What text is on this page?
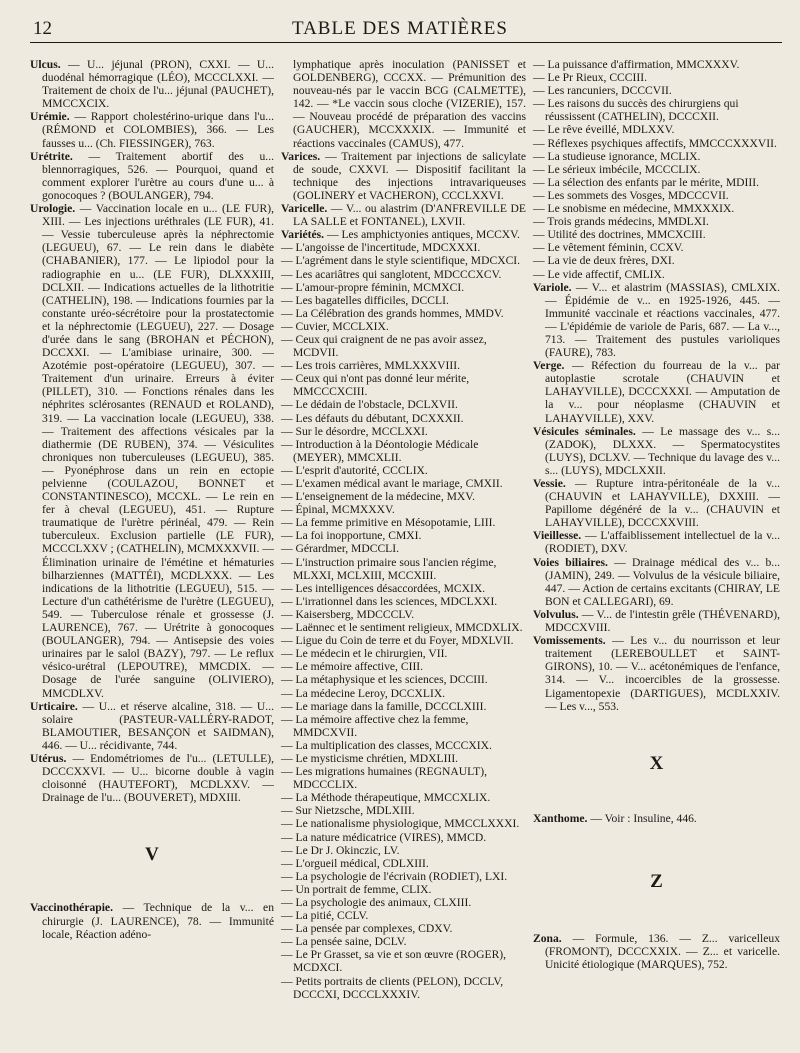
12	TABLE DES MATIÈRES

Ulcus. — U... jéjunal (PRON), CXXI. — U... duodénal hémorragique (LÉO), MCCCLXXI. — Traitement de choix de l'u... jéjunal (PAUCHET), MMCCXCIX.

Urémie. — Rapport cholestérino-urique dans l'u... (RÉMOND et COLOMBIES), 366. — Les fausses u... (Ch. FIESSINGER), 763.

Urétrite. — Traitement abortif des u... blennorragiques, 526. — Pourquoi, quand et comment explorer l'urètre au cours d'une u... à gonocoques ? (BOULANGER), 794.

Urologie. — Vaccination locale en u... (LE FUR), XIII. — Les injections uréthrales (LE FUR), 41. — Vessie tuberculeuse après la néphrectomie (LEGUEU), 67. — Le rein dans le diabète (CHABANIER), 177. — Le lipiodol pour la radiographie en u... (LE FUR), DLXXXIII, DCLXII. — Indications actuelles de la lithotritie (CATHELIN), 198. — Indications fournies par la constante uréo-sécrétoire pour la prostatectomie et la néphrectomie (LEGUEU), 227. — Dosage d'urée dans le sang (BROHAN et PÉCHON), DCCXXI. — L'amibiase urinaire, 300. — Azotémie post-opératoire (LEGUEU), 307. — Traitement d'un urinaire. Erreurs à éviter (PILLET), 310. — Fonctions rénales dans les néphrites sclérosantes (RENAUD et ROLAND), 319. — La vaccination locale (LEGUEU), 338. — Traitement des affections vésicales par la diathermie (DE RUBEN), 374. — Vésiculites chroniques non tuberculeuses (LEGUEU), 385. — Pyonéphrose dans un rein en ectopie pelvienne (COULAZOU, BONNET et CONSTANTINESCO), MCCXL. — Le rein en fer à cheval (LEGUEU), 451. — Rupture traumatique de l'urètre périnéal, 479. — Rein tuberculeux. Exclusion partielle (LE FUR), MCCCLXXV ; (CATHELIN), MCMXXXVII. — Élimination urinaire de l'émétine et hématuries bilharziennes (MATTÉI), MCDLXXX. — Les indications de la lithotritie (LEGUEU), 515. — Lecture d'un cathétérisme de l'urètre (LEGUEU), 549. — Tuberculose rénale et grossesse (J. LAURENCE), 767. — Urétrite à gonocoques (BOULANGER), 794. — Antisepsie des voies urinaires par le salol (BAZY), 797. — Le reflux vésico-urétral (LEPOUTRE), MMCDIX. — Dosage de l'urée sanguine (OLIVIERO), MMCDLXV.

Urticaire. — U... et réserve alcaline, 318. — U... solaire (PASTEUR-VALLÉRY-RADOT, BLAMOUTIER, BESANÇON et SAIDMAN), 446. — U... récidivante, 744.

Utérus. — Endométriomes de l'u... (LETULLE), DCCCXXVI. — U... bicorne double à vagin cloisonné (HAUTEFORT), MCDLXXV. — Drainage de l'u... (BOUVERET), MDXIII.

V

Vaccinothérapie. — Technique de la v... en chirurgie (J. LAURENCE), 78. — Immunité locale, Réaction adéno-

lymphatique après inoculation (PANISSET et GOLDENBERG), CCCXX. — Prémunition des nouveau-nés par le vaccin BCG (CALMETTE), 142. — *Le vaccin sous cloche (VIZERIE), 157. — Nouveau procédé de préparation des vaccins (GAUCHER), MCCXXXIX. — Immunité et réactions vaccinales (CAMUS), 477.

Varices. — Traitement par injections de salicylate de soude, CXXVI. — Dispositif facilitant la technique des injections intravariqueuses (GOLINERY et VACHERON), CCCLXXVI.

Varicelle. — V... ou alastrim (D'ANFREVILLE DE LA SALLE et FONTANEL), LXVII.

Variétés. — Les amphictyonies antiques, MCCXV.

— L'angoisse de l'incertitude, MDCXXXI.
— L'agrément dans le style scientifique, MDCXCI.
— Les acariâtres qui sanglotent, MDCCCXCV.
— L'amour-propre féminin, MCMXCI.
— Les bagatelles difficiles, DCCLI.
— La Célébration des grands hommes, MMDV.
— Cuvier, MCCLXIX.
— Ceux qui craignent de ne pas avoir assez, MCDVII.
— Les trois carrières, MMLXXXVIII.
— Ceux qui n'ont pas donné leur mérite, MMCCCXCIII.
— Le dédain de l'obstacle, DCLXVII.
— Les défauts du débutant, DCXXXII.
— Sur le désordre, MCCLXXI.
— Introduction à la Déontologie Médicale (MEYER), MMCXLII.
— L'esprit d'autorité, CCCLIX.
— L'examen médical avant le mariage, CMXII.
— L'enseignement de la médecine, MXV.
— Épinal, MCMXXXV.
— La femme primitive en Mésopotamie, LIII.
— La foi inopportune, CMXI.
— Gérardmer, MDCCLI.
— L'instruction primaire sous l'ancien régime, MLXXI, MCLXIII, MCCXIII.
— Les intelligences désaccordées, MCXIX.
— L'irrationnel dans les sciences, MDCLXXI.
— Kaisersberg, MDCCCLV.
— Laënnec et le sentiment religieux, MMCDXLIX.
— Ligue du Coin de terre et du Foyer, MDXLVII.
— Le médecin et le chirurgien, VII.
— Le mémoire affective, CIII.
— La métaphysique et les sciences, DCCIII.
— La médecine Leroy, DCCXLIX.
— Le mariage dans la famille, DCCCLXIII.
— La mémoire affective chez la femme, MMDCXVII.
— La multiplication des classes, MCCCXIX.
— Le mysticisme chrétien, MDXLIII.
— Les migrations humaines (REGNAULT), MDCCCLIX.
— La Méthode thérapeutique, MMCCXLIX.
— Sur Nietzsche, MDLXIII.
— Le nationalisme physiologique, MMCCLXXXI.
— La nature médicatrice (VIRES), MMCD.
— Le Dr J. Okinczic, LV.
— L'orgueil médical, CDLXIII.
— La psychologie de l'écrivain (RODIET), LXI.
— Un portrait de femme, CLIX.
— La psychologie des animaux, CLXIII.
— La pitié, CCLV.
— La pensée par complexes, CDXV.
— La pensée saine, DCLV.
— Le Pr Grasset, sa vie et son œuvre (ROGER), MCDXCI.
— Petits portraits de clients (PELON), DCCLV, DCCCXI, DCCCLXXXIV.
— La puissance d'affirmation, MMCXXXV.
— Le Pr Rieux, CCCIII.
— Les rancuniers, DCCCVII.
— Les raisons du succès des chirurgiens qui réussissent (CATHELIN), DCCCXII.
— Le rêve éveillé, MDLXXV.
— Réflexes psychiques affectifs, MMCCCXXXVII.
— La studieuse ignorance, MCLIX.
— Le sérieux imbécile, MCCCLIX.
— La sélection des enfants par le mérite, MDIII.
— Les sommets des Vosges, MDCCCVII.
— Le snobisme en médecine, MMXXXIX.
— Trois grands médecins, MMDLXI.
— Utilité des doctrines, MMCXCIII.
— Le vêtement féminin, CCXV.
— La vie de deux frères, DXI.
— Le vide affectif, CMLIX.

Variole. — V... et alastrim (MASSIAS), CMLXIX. — Épidémie de v... en 1925-1926, 445. — Immunité vaccinale et réactions vaccinales, 477. — L'épidémie de variole de Paris, 687. — La v..., 713. — Traitement des pustules varioliques (FAURE), 783.

Verge. — Réfection du fourreau de la v... par autoplastie scrotale (CHAUVIN et LAHAYVILLE), DCCCXXXI. — Amputation de la v... pour néoplasme (CHAUVIN et LAHAYVILLE), XXV.

Vésicules séminales. — Le massage des v... s... (ZADOK), DLXXX. — Spermatocystites (LUYS), DCLXV. — Technique du lavage des v... s... (LUYS), MDCLXXII.

Vessie. — Rupture intra-péritonéale de la v... (CHAUVIN et LAHAYVILLE), DXXIII. — Papillome dégénéré de la v... (CHAUVIN et LAHAYVILLE), DCCCXXVIII.

Vieillesse. — L'affaiblissement intellectuel de la v... (RODIET), DXV.

Voies biliaires. — Drainage médical des v... b... (JAMIN), 249. — Volvulus de la vésicule biliaire, 447. — Action de certains excitants (CHIRAY, LE BON et CALLEGARI), 69.

Volvulus. — V... de l'intestin grêle (THÉVENARD), MDCCXVIII.

Vomissements. — Les v... du nourrisson et leur traitement (LEREBOULLET et SAINT-GIRONS), 10. — V... acétonémiques de l'enfance, 314. — V... incoercibles de la grossesse. Ligamentopexie (DARTIGUES), MCDLXXIV. — Les v..., 553.

X

Xanthome. — Voir : Insuline, 446.

Z

Zona. — Formule, 136. — Z... varicelleux (FROMONT), DCCCXXIX. — Z... et varicelle. Unicité étiologique (MARQUES), 752.
